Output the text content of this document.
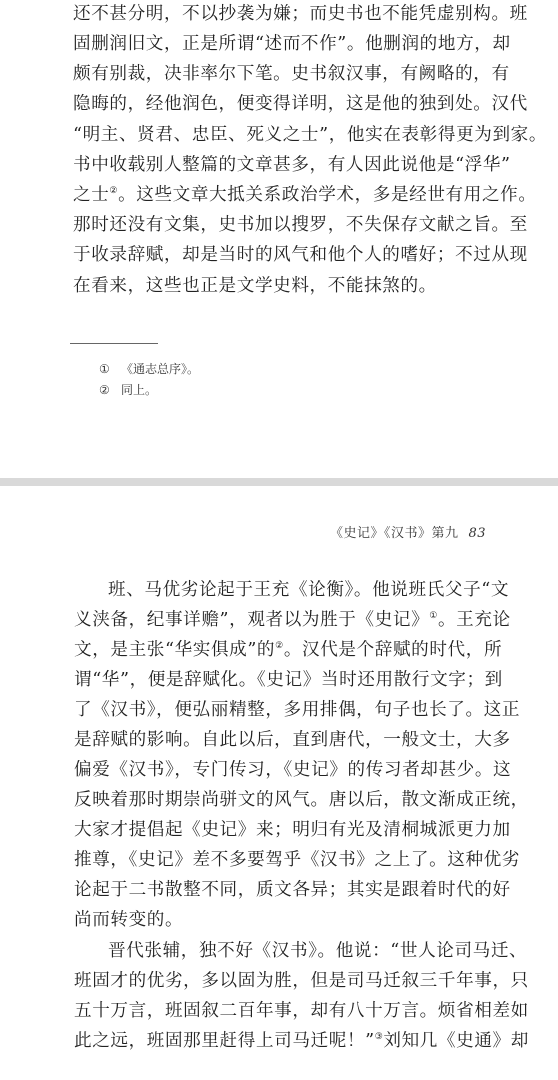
还不甚分明，不以抄袭为嫌；而史书也不能凭虚别构。班
固删润旧文，正是所谓“述而不作”。他删润的地方，却
颇有别裁，决非率尔下笔。史书叙汉事，有阙略的，有
隐晦的，经他润色，便变得详明，这是他的独到处。汉代
“明主、贤君、忠臣、死义之士”，他实在表彰得更为到家。
书中收载别人整篇的文章甚多，有人因此说他是“浮华”
之士②。这些文章大抵关系政治学术，多是经世有用之作。
那时还没有文集，史书加以搜罗，不失保存文献之旨。至
于收录辞赋，却是当时的风气和他个人的嗜好；不过从现
在看来，这些也正是文学史料，不能抹煞的。
① 《通志总序》。
② 同上。
《史记》《汉书》第九 83
班、马优劣论起于王充《论衡》。他说班氏父子“文
义浃备，纪事详赡”，观者以为胜于《史记》①。王充论
文，是主张“华实俱成”的②。汉代是个辞赋的时代，所
谓“华”，便是辞赋化。《史记》当时还用散行文字；到
了《汉书》，便弘丽精整，多用排偶，句子也长了。这正
是辞赋的影响。自此以后，直到唐代，一般文士，大多
偏爱《汉书》，专门传习，《史记》的传习者却甚少。这
反映着那时期崇尚骈文的风气。唐以后，散文渐成正统，
大家才提倡起《史记》来；明归有光及清桐城派更力加
推尊，《史记》差不多要驾乎《汉书》之上了。这种优劣
论起于二书散整不同，质文各异；其实是跟着时代的好
尚而转变的。
晋代张辅，独不好《汉书》。他说：“世人论司马迁、
班固才的优劣，多以固为胜，但是司马迁叙三千年事，只
五十万言，班固叙二百年事，却有八十万言。烦省相差如
此之远，班固那里赶得上司马迁呢！”③刘知几《史通》却
